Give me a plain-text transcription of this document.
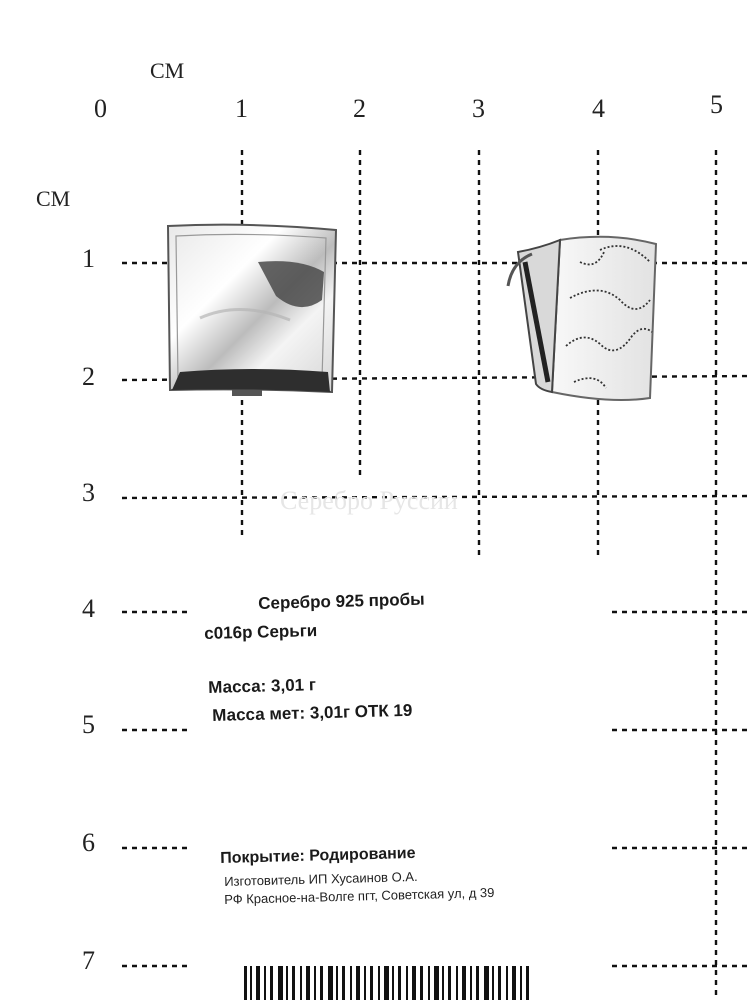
Серебро Руссии
CM
CM
0	1	2	3	4	5
1
2
3
4
5
6
7
Серебро 925 пробы
с016р Серьги
Масса: 3,01 г
Масса мет: 3,01г ОТК 19
Покрытие: Родирование
Изготовитель ИП Хусаинов О.А.
РФ Красное-на-Волге пгт, Советская ул, д 39
